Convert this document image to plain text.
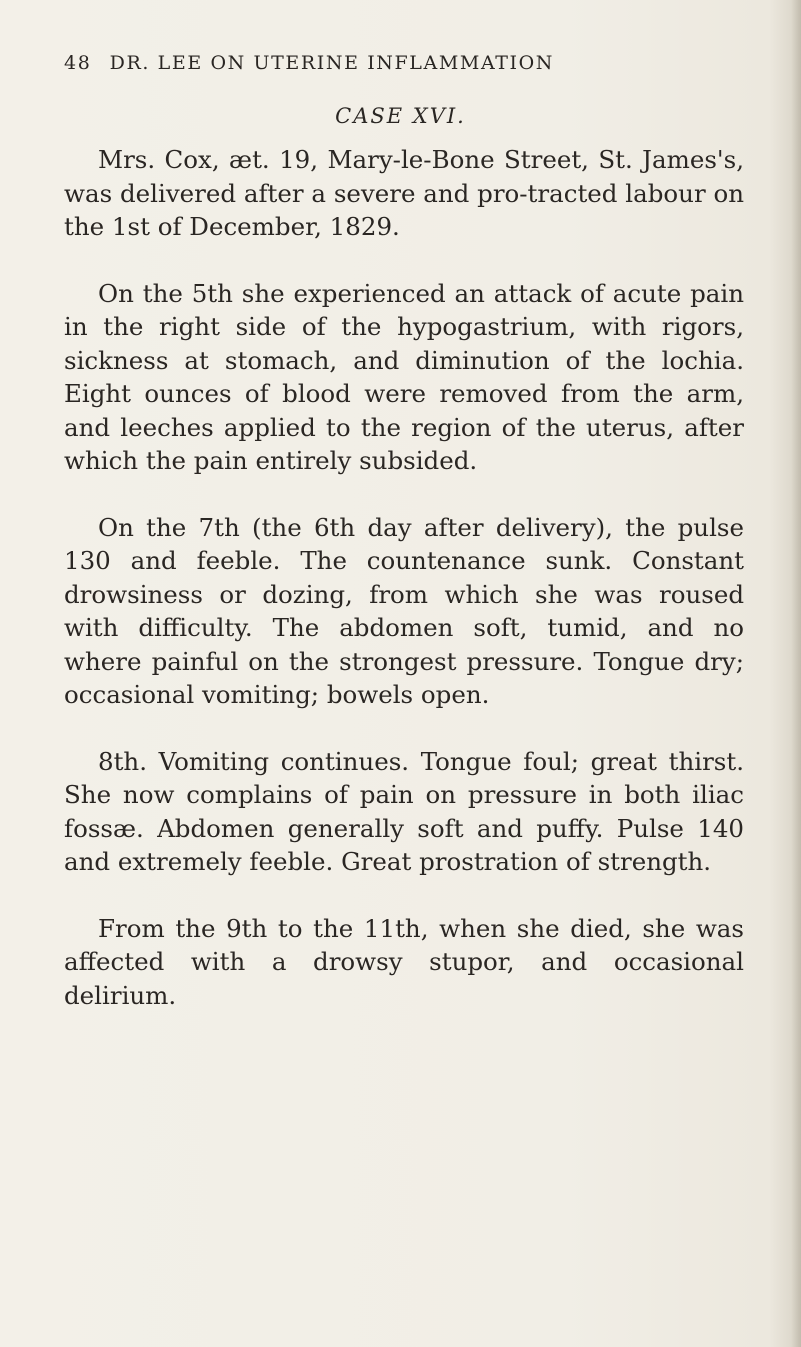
48 DR. LEE ON UTERINE INFLAMMATION
CASE XVI.

Mrs. Cox, æt. 19, Mary-le-Bone Street, St. James's, was delivered after a severe and pro-tracted labour on the 1st of December, 1829.

On the 5th she experienced an attack of acute pain in the right side of the hypogastrium, with rigors, sickness at stomach, and diminution of the lochia. Eight ounces of blood were removed from the arm, and leeches applied to the region of the uterus, after which the pain entirely subsided.

On the 7th (the 6th day after delivery), the pulse 130 and feeble. The countenance sunk. Constant drowsiness or dozing, from which she was roused with difficulty. The abdomen soft, tumid, and no where painful on the strongest pressure. Tongue dry; occasional vomiting; bowels open.

8th. Vomiting continues. Tongue foul; great thirst. She now complains of pain on pressure in both iliac fossæ. Abdomen generally soft and puffy. Pulse 140 and extremely feeble. Great prostration of strength.

From the 9th to the 11th, when she died, she was affected with a drowsy stupor, and occasional delirium.
